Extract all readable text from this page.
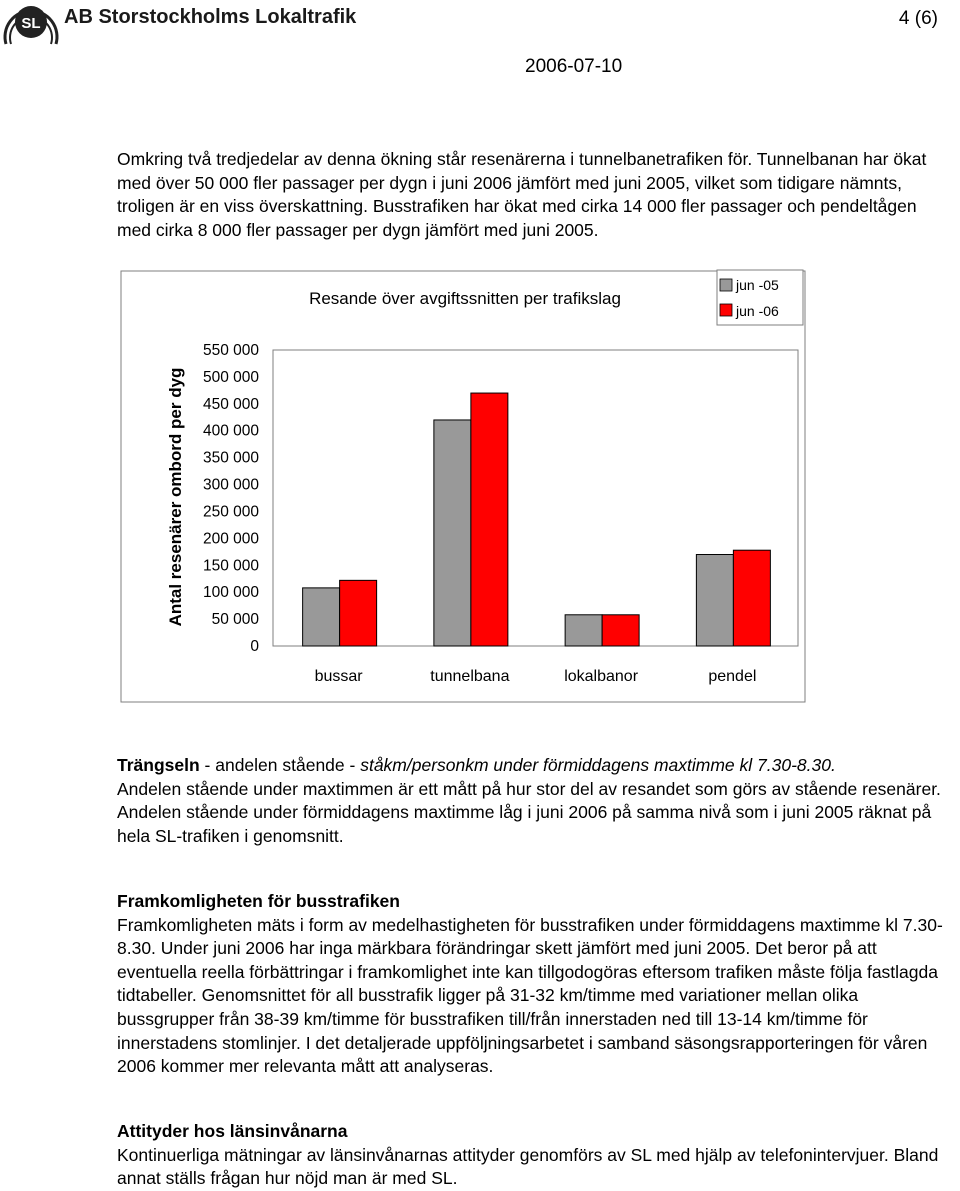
SL AB Storstockholms Lokaltrafik	4 (6)
2006-07-10

Omkring två tredjedelar av denna ökning står resenärerna i tunnelbanetrafiken för. Tunnelbanan har ökat med över 50 000 fler passager per dygn i juni 2006 jämfört med juni 2005, vilket som tidigare nämnts, troligen är en viss överskattning. Busstrafiken har ökat med cirka 14 000 fler passager och pendeltågen med cirka 8 000 fler passager per dygn jämfört med juni 2005.

Resande över avgiftssnitten per trafikslag
jun -05
jun -06
Antal resenärer ombord per dyg
550 000
500 000
450 000
400 000
350 000
300 000
250 000
200 000
150 000
100 000
50 000
0
bussar	tunnelbana	lokalbanor	pendel

Trängseln - andelen stående - ståkm/personkm under förmiddagens maxtimme kl 7.30-8.30.
Andelen stående under maxtimmen är ett mått på hur stor del av resandet som görs av stående resenärer. Andelen stående under förmiddagens maxtimme låg i juni 2006 på samma nivå som i juni 2005 räknat på hela SL-trafiken i genomsnitt.

Framkomligheten för busstrafiken
Framkomligheten mäts i form av medelhastigheten för busstrafiken under förmiddagens maxtimme kl 7.30-8.30. Under juni 2006 har inga märkbara förändringar skett jämfört med juni 2005. Det beror på att eventuella reella förbättringar i framkomlighet inte kan tillgodogöras eftersom trafiken måste följa fastlagda tidtabeller. Genomsnittet för all busstrafik ligger på 31-32 km/timme med variationer mellan olika bussgrupper från 38-39 km/timme för busstrafiken till/från innerstaden ned till 13-14 km/timme för innerstadens stomlinjer. I det detaljerade uppföljningsarbetet i samband säsongsrapporteringen för våren 2006 kommer mer relevanta mått att analyseras.

Attityder hos länsinvånarna
Kontinuerliga mätningar av länsinvånarnas attityder genomförs av SL med hjälp av telefonintervjuer. Bland annat ställs frågan hur nöjd man är med SL.
